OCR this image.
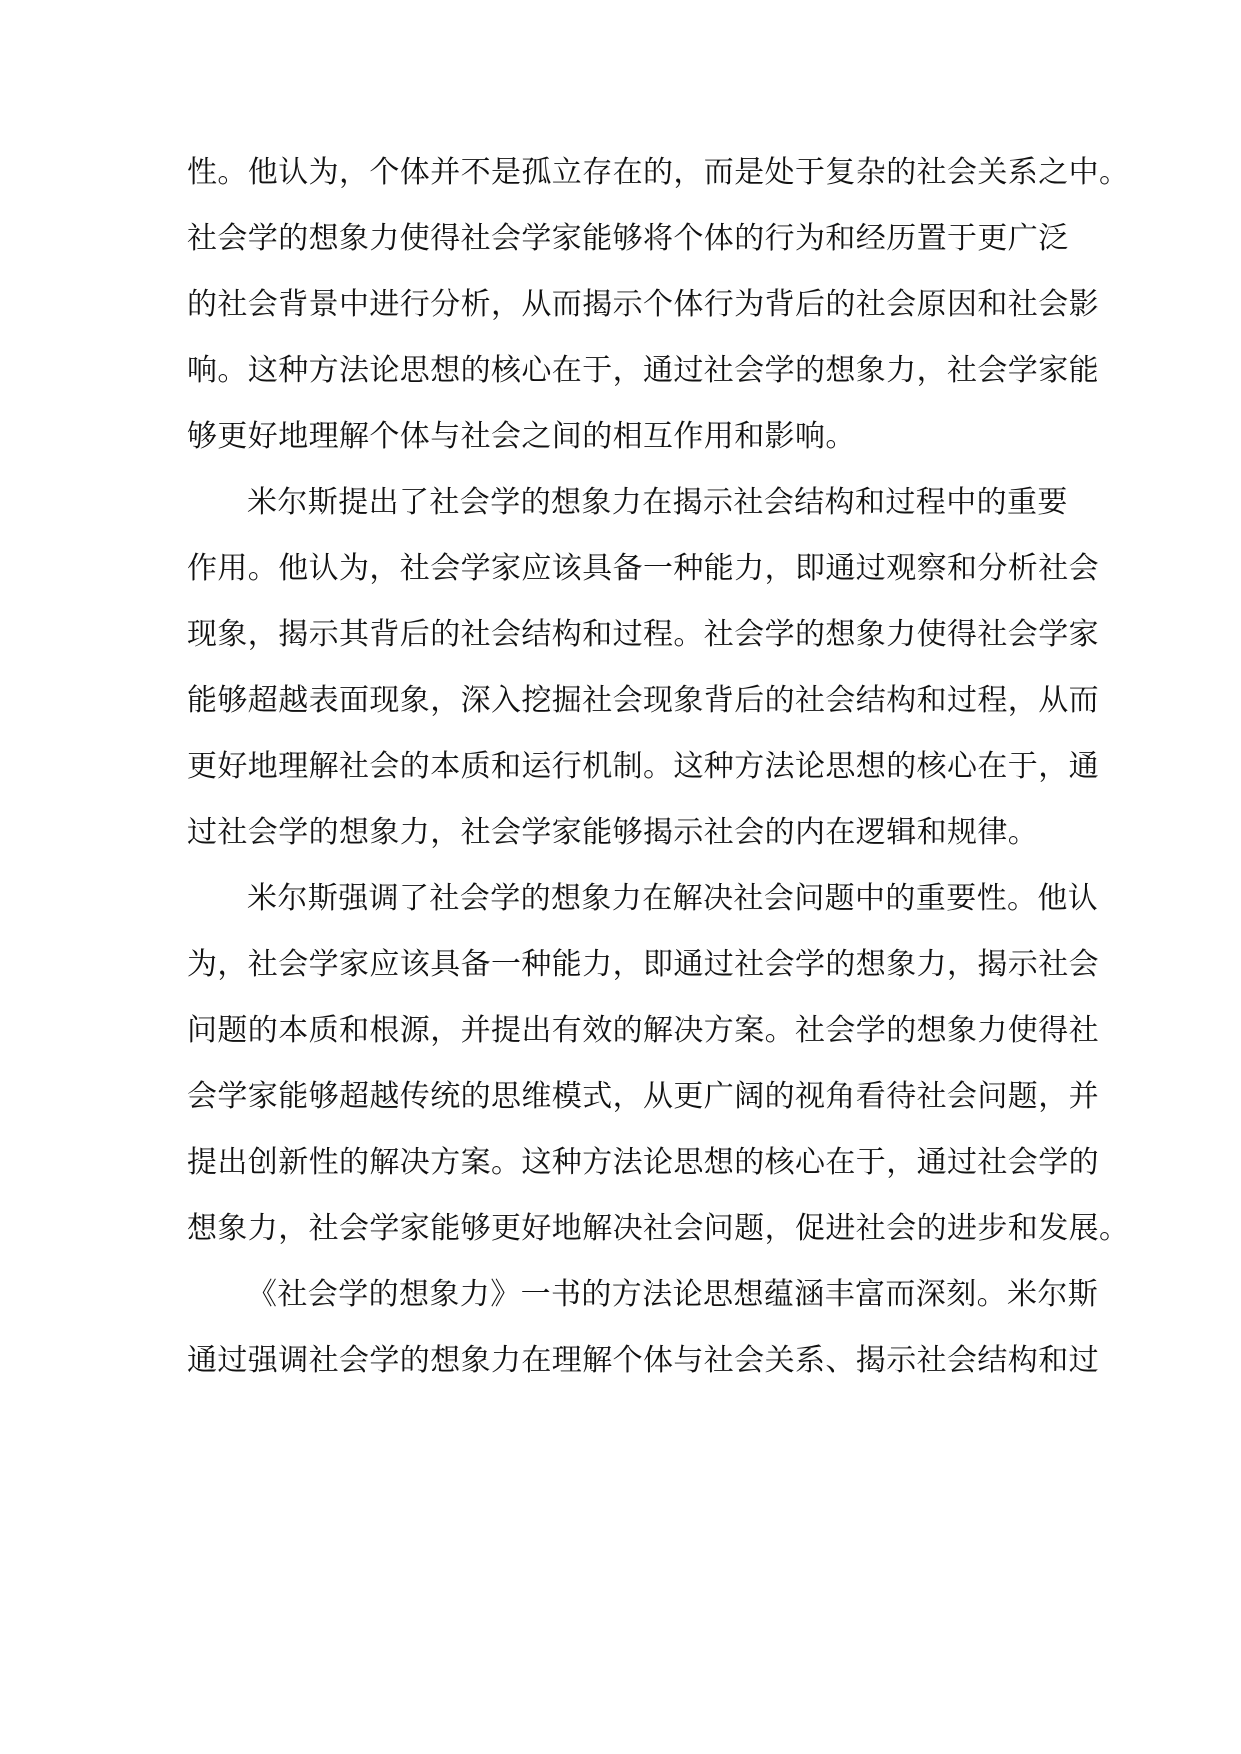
性。他认为，个体并不是孤立存在的，而是处于复杂的社会关系之中。
社会学的想象力使得社会学家能够将个体的行为和经历置于更广泛
的社会背景中进行分析，从而揭示个体行为背后的社会原因和社会影
响。这种方法论思想的核心在于，通过社会学的想象力，社会学家能
够更好地理解个体与社会之间的相互作用和影响。
米尔斯提出了社会学的想象力在揭示社会结构和过程中的重要
作用。他认为，社会学家应该具备一种能力，即通过观察和分析社会
现象，揭示其背后的社会结构和过程。社会学的想象力使得社会学家
能够超越表面现象，深入挖掘社会现象背后的社会结构和过程，从而
更好地理解社会的本质和运行机制。这种方法论思想的核心在于，通
过社会学的想象力，社会学家能够揭示社会的内在逻辑和规律。
米尔斯强调了社会学的想象力在解决社会问题中的重要性。他认
为，社会学家应该具备一种能力，即通过社会学的想象力，揭示社会
问题的本质和根源，并提出有效的解决方案。社会学的想象力使得社
会学家能够超越传统的思维模式，从更广阔的视角看待社会问题，并
提出创新性的解决方案。这种方法论思想的核心在于，通过社会学的
想象力，社会学家能够更好地解决社会问题，促进社会的进步和发展。
《社会学的想象力》一书的方法论思想蕴涵丰富而深刻。米尔斯
通过强调社会学的想象力在理解个体与社会关系、揭示社会结构和过
